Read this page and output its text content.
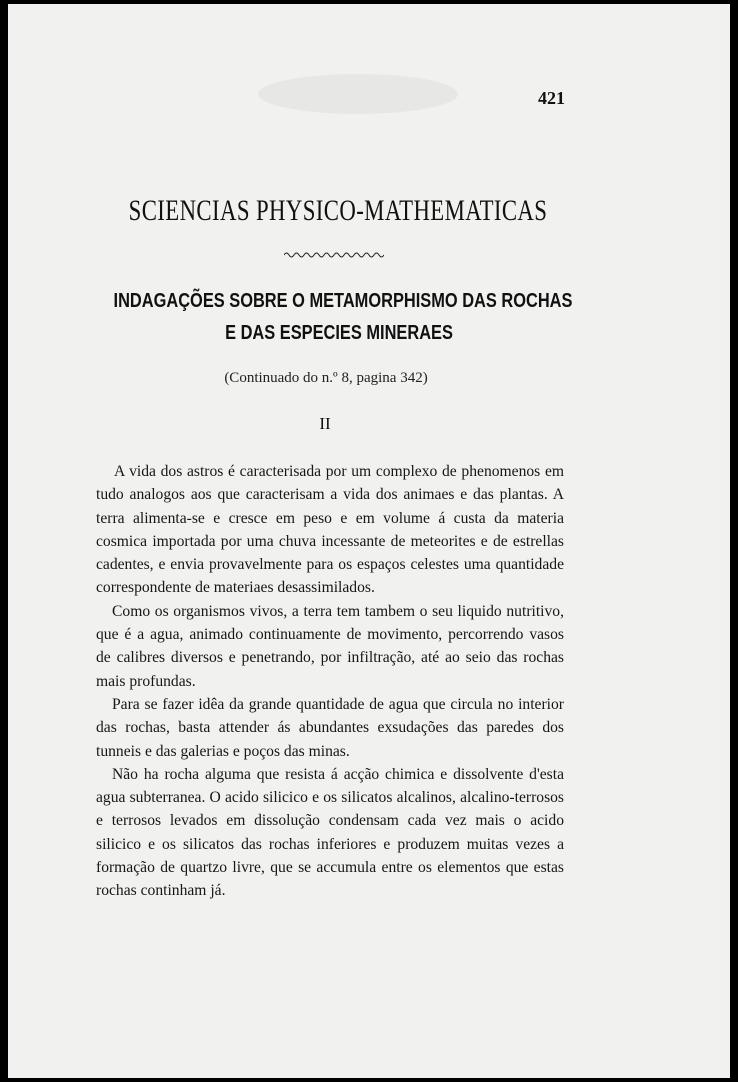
421
SCIENCIAS PHYSICO-MATHEMATICAS
INDAGAÇÕES SOBRE O METAMORPHISMO DAS ROCHAS
E DAS ESPECIES MINERAES
(Continuado do n.º 8, pagina 342)
II

A vida dos astros é caracterisada por um complexo de phenomenos em tudo analogos aos que caracterisam a vida dos animaes e das plantas. A terra alimenta-se e cresce em peso e em volume á custa da materia cosmica importada por uma chuva incessante de meteorites e de estrellas cadentes, e envia provavelmente para os espaços celestes uma quantidade correspondente de materiaes desassimilados.

Como os organismos vivos, a terra tem tambem o seu liquido nutritivo, que é a agua, animado continuamente de movimento, percorrendo vasos de calibres diversos e penetrando, por infiltração, até ao seio das rochas mais profundas.

Para se fazer idêa da grande quantidade de agua que circula no interior das rochas, basta attender ás abundantes exsudações das paredes dos tunneis e das galerias e poços das minas.

Não ha rocha alguma que resista á acção chimica e dissolvente d'esta agua subterranea. O acido silicico e os silicatos alcalinos, alcalino-terrosos e terrosos levados em dissolução condensam cada vez mais o acido silicico e os silicatos das rochas inferiores e produzem muitas vezes a formação de quartzo livre, que se accumula entre os elementos que estas rochas continham já.
